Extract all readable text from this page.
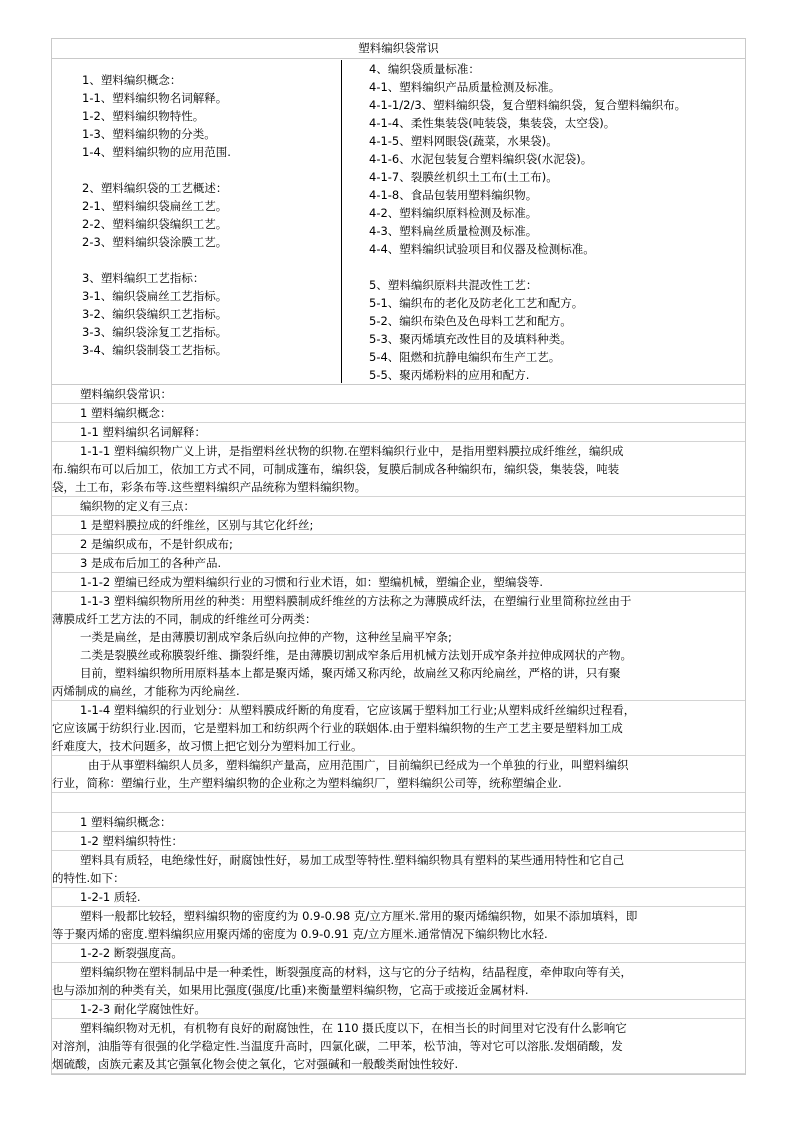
塑料编织袋常识
1、塑料编织概念：
1-1、塑料编织物名词解释。
1-2、塑料编织物特性。
1-3、塑料编织物的分类。
1-4、塑料编织物的应用范围.
2、塑料编织袋的工艺概述：
2-1、塑料编织袋扁丝工艺。
2-2、塑料编织袋编织工艺。
2-3、塑料编织袋涂膜工艺。
3、塑料编织工艺指标：
3-1、编织袋扁丝工艺指标。
3-2、编织袋编织工艺指标。
3-3、编织袋涂复工艺指标。
3-4、编织袋制袋工艺指标。
4、编织袋质量标准：
4-1、塑料编织产品质量检测及标准。
4-1-1/2/3、塑料编织袋，复合塑料编织袋，复合塑料编织布。
4-1-4、柔性集装袋(吨装袋，集装袋，太空袋)。
4-1-5、塑料网眼袋(蔬菜，水果袋)。
4-1-6、水泥包装复合塑料编织袋(水泥袋)。
4-1-7、裂膜丝机织土工布(土工布)。
4-1-8、食品包装用塑料编织物。
4-2、塑料编织原料检测及标准。
4-3、塑料扁丝质量检测及标准。
4-4、塑料编织试验项目和仪器及检测标准。
5、塑料编织原料共混改性工艺：
5-1、编织布的老化及防老化工艺和配方。
5-2、编织布染色及色母料工艺和配方。
5-3、聚丙烯填充改性目的及填料种类。
5-4、阻燃和抗静电编织布生产工艺。
5-5、聚丙烯粉料的应用和配方.
塑料编织袋常识：
1 塑料编织概念：
1-1 塑料编织名词解释：
1-1-1 塑料编织物广义上讲，是指塑料丝状物的织物.在塑料编织行业中，是指用塑料膜拉成纤维丝，编织成
布.编织布可以后加工，依加工方式不同，可制成篷布，编织袋，复膜后制成各种编织布，编织袋，集装袋，吨装
袋，土工布，彩条布等.这些塑料编织产品统称为塑料编织物。
编织物的定义有三点：
1 是塑料膜拉成的纤维丝，区别与其它化纤丝;
2 是编织成布，不是针织成布;
3 是成布后加工的各种产品.
1-1-2 塑编已经成为塑料编织行业的习惯和行业术语，如：塑编机械，塑编企业，塑编袋等.
1-1-3 塑料编织物所用丝的种类：用塑料膜制成纤维丝的方法称之为薄膜成纤法，在塑编行业里简称拉丝由于
薄膜成纤工艺方法的不同，制成的纤维丝可分两类：
一类是扁丝，是由薄膜切割成窄条后纵向拉伸的产物，这种丝呈扁平窄条;
二类是裂膜丝或称膜裂纤维、撕裂纤维，是由薄膜切割成窄条后用机械方法划开成窄条并拉伸成网状的产物。
目前，塑料编织物所用原料基本上都是聚丙烯，聚丙烯又称丙纶，故扁丝又称丙纶扁丝，严格的讲，只有聚
丙烯制成的扁丝，才能称为丙纶扁丝.
1-1-4 塑料编织的行业划分：从塑料膜成纤断的角度看，它应该属于塑料加工行业;从塑料成纤丝编织过程看，
它应该属于纺织行业.因而，它是塑料加工和纺织两个行业的联姻体.由于塑料编织物的生产工艺主要是塑料加工成
纤难度大，技术问题多，故习惯上把它划分为塑料加工行业。
由于从事塑料编织人员多，塑料编织产量高，应用范围广，目前编织已经成为一个单独的行业，叫塑料编织
行业，简称：塑编行业，生产塑料编织物的企业称之为塑料编织厂，塑料编织公司等，统称塑编企业.
1 塑料编织概念：
1-2 塑料编织特性：
塑料具有质轻，电绝缘性好，耐腐蚀性好，易加工成型等特性.塑料编织物具有塑料的某些通用特性和它自己
的特性.如下：
1-2-1 质轻.
塑料一般都比较轻，塑料编织物的密度约为 0.9-0.98 克/立方厘米.常用的聚丙烯编织物，如果不添加填料，即
等于聚丙烯的密度.塑料编织应用聚丙烯的密度为 0.9-0.91 克/立方厘米.通常情况下编织物比水轻.
1-2-2 断裂强度高。
塑料编织物在塑料制品中是一种柔性，断裂强度高的材料，这与它的分子结构，结晶程度，牵伸取向等有关，
也与添加剂的种类有关，如果用比强度(强度/比重)来衡量塑料编织物，它高于或接近金属材料.
1-2-3 耐化学腐蚀性好。
塑料编织物对无机，有机物有良好的耐腐蚀性，在 110 摄氏度以下，在相当长的时间里对它没有什么影响它
对溶剂，油脂等有很强的化学稳定性.当温度升高时，四氯化碳，二甲苯，松节油，等对它可以溶胀.发烟硝酸，发
烟硫酸，卤族元素及其它强氧化物会使之氧化，它对强碱和一般酸类耐蚀性较好.
